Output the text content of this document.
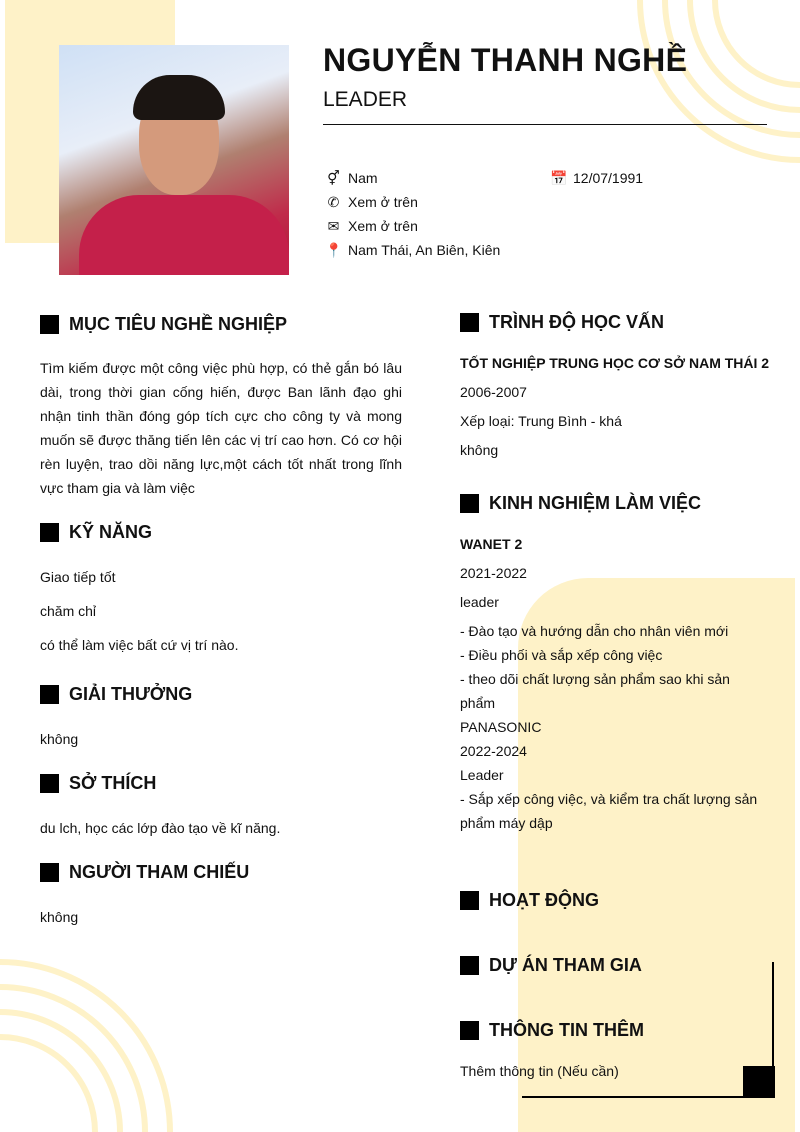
NGUYỄN THANH NGHỀ
LEADER
⚥ Nam	📅 12/07/1991
✆ Xem ở trên
✉ Xem ở trên
📍 Nam Thái, An Biên, Kiên
MỤC TIÊU NGHỀ NGHIỆP
Tìm kiếm được một công việc phù hợp, có thẻ gắn bó lâu dài, trong thời gian cống hiến, được Ban lãnh đạo ghi nhận tinh thần đóng góp tích cực cho công ty và mong muốn sẽ được thăng tiến lên các vị trí cao hơn. Có cơ hội rèn luyện, trao dồi năng lực,một cách tốt nhất trong lĩnh vực tham gia và làm việc
KỸ NĂNG
Giao tiếp tốt
chăm chỉ
có thể làm việc bất cứ vị trí nào.
GIẢI THƯỞNG
không
SỞ THÍCH
du lch, học các lớp đào tạo về kĩ năng.
NGƯỜI THAM CHIẾU
không
TRÌNH ĐỘ HỌC VẤN
TỐT NGHIỆP TRUNG HỌC CƠ SỞ NAM THÁI 2
2006-2007
Xếp loại: Trung Bình - khá
không
KINH NGHIỆM LÀM VIỆC
WANET 2
2021-2022
leader
- Đào tạo và hướng dẫn cho nhân viên mới
- Điều phối và sắp xếp công việc
- theo dõi chất lượng sản phẩm sao khi sản phẩm
PANASONIC
2022-2024
Leader
- Sắp xếp công việc, và kiểm tra chất lượng sản phẩm máy dập
HOẠT ĐỘNG
DỰ ÁN THAM GIA
THÔNG TIN THÊM
Thêm thông tin (Nếu cần)
